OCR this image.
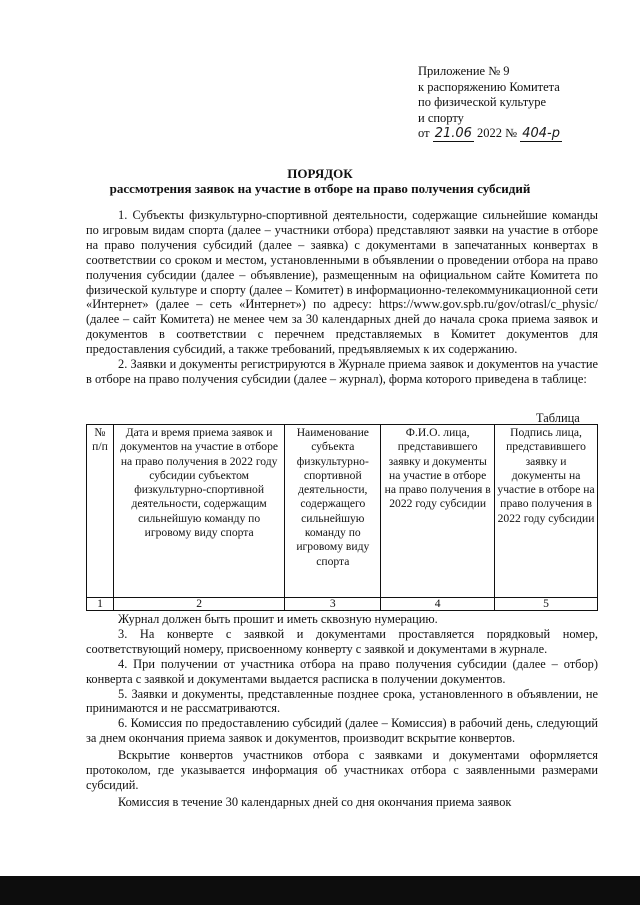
Приложение № 9
к распоряжению Комитета
по физической культуре
и спорту
от 21.06 2022 № 404-р
ПОРЯДОК
рассмотрения заявок на участие в отборе на право получения субсидий

1. Субъекты физкультурно-спортивной деятельности, содержащие сильнейшие команды по игровым видам спорта (далее – участники отбора) представляют заявки на участие в отборе на право получения субсидий (далее – заявка) с документами в запечатанных конвертах в соответствии со сроком и местом, установленными в объявлении о проведении отбора на право получения субсидии (далее – объявление), размещенным на официальном сайте Комитета по физической культуре и спорту (далее – Комитет) в информационно-телекоммуникационной сети «Интернет» (далее – сеть «Интернет») по адресу: https://www.gov.spb.ru/gov/otrasl/c_physic/ (далее – сайт Комитета) не менее чем за 30 календарных дней до начала срока приема заявок и документов в соответствии с перечнем представляемых в Комитет документов для предоставления субсидий, а также требований, предъявляемых к их содержанию.

2. Заявки и документы регистрируются в Журнале приема заявок и документов на участие в отборе на право получения субсидии (далее – журнал), форма которого приведена в таблице:

Таблица
№ п/п	Дата и время приема заявок и документов на участие в отборе на право получения в 2022 году субсидии субъектом физкультурно-спортивной деятельности, содержащим сильнейшую команду по игровому виду спорта	Наименование субъекта физкультурно-спортивной деятельности, содержащего сильнейшую команду по игровому виду спорта	Ф.И.О. лица, представившего заявку и документы на участие в отборе на право получения в 2022 году субсидии	Подпись лица, представившего заявку и документы на участие в отборе на право получения в 2022 году субсидии
1	2	3	4	5

Журнал должен быть прошит и иметь сквозную нумерацию.

3. На конверте с заявкой и документами проставляется порядковый номер, соответствующий номеру, присвоенному конверту с заявкой и документами в журнале.

4. При получении от участника отбора на право получения субсидии (далее – отбор) конверта с заявкой и документами выдается расписка в получении документов.

5. Заявки и документы, представленные позднее срока, установленного в объявлении, не принимаются и не рассматриваются.

6. Комиссия по предоставлению субсидий (далее – Комиссия) в рабочий день, следующий за днем окончания приема заявок и документов, производит вскрытие конвертов.

Вскрытие конвертов участников отбора с заявками и документами оформляется протоколом, где указывается информация об участниках отбора с заявленными размерами субсидий.

Комиссия в течение 30 календарных дней со дня окончания приема заявок
